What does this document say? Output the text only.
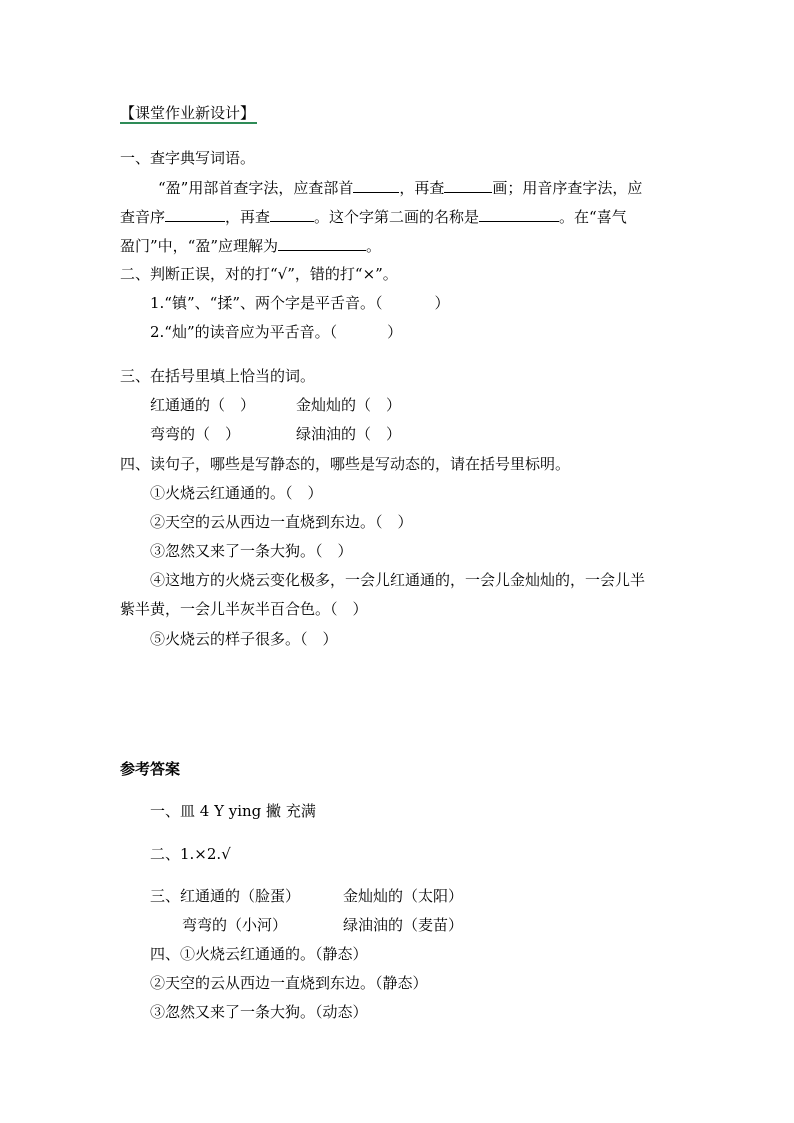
【课堂作业新设计】
一、查字典写词语。
“盈”用部首查字法，应查部首	，再查	画；用音序查字法，应
查音序	，再查	。这个字第二画的名称是	。在“喜气
盈门”中，“盈”应理解为	。
二、判断正误，对的打“√”，错的打“×”。
1.“镇”、“揉”、两个字是平舌音。（	）
2.“灿”的读音应为平舌音。（	）
三、在括号里填上恰当的词。
红通通的（　）	金灿灿的（　）
弯弯的（　）	绿油油的（　）
四、读句子，哪些是写静态的，哪些是写动态的，请在括号里标明。
①火烧云红通通的。（　）
②天空的云从西边一直烧到东边。（　）
③忽然又来了一条大狗。（　）
④这地方的火烧云变化极多，一会儿红通通的，一会儿金灿灿的，一会儿半
紫半黄，一会儿半灰半百合色。（　）
⑤火烧云的样子很多。（　）
参考答案
一、皿 4 Y ying 撇 充满
二、1.×2.√
三、红通通的（脸蛋）	金灿灿的（太阳）
弯弯的（小河）	绿油油的（麦苗）
四、①火烧云红通通的。（静态）
②天空的云从西边一直烧到东边。（静态）
③忽然又来了一条大狗。（动态）
